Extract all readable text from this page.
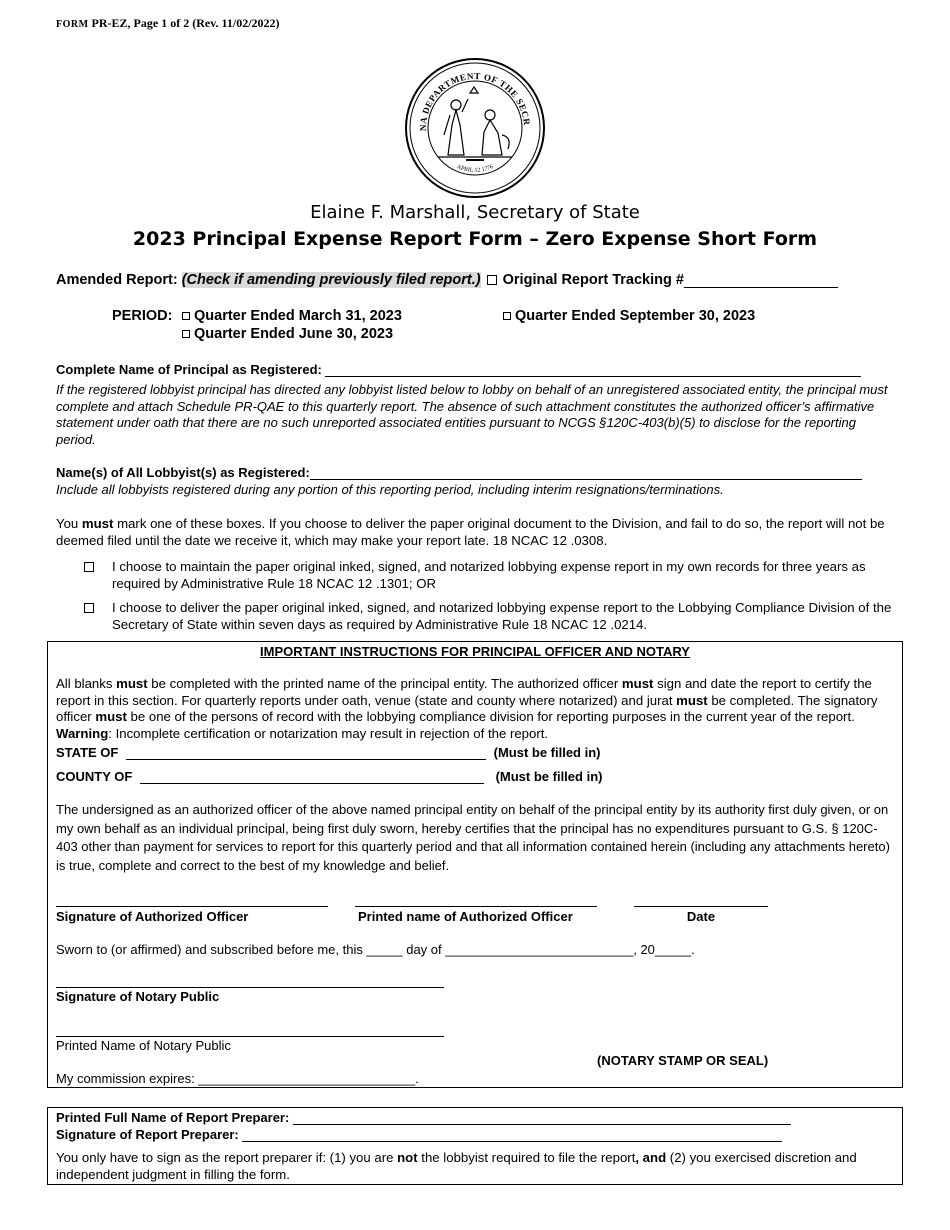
FORM PR-EZ, Page 1 of 2 (Rev. 11/02/2022)
NA DEPARTMENT OF THE SECR
APRIL 12 1776
Elaine F. Marshall, Secretary of State
2023 Principal Expense Report Form – Zero Expense Short Form
Amended Report: (Check if amending previously filed report.) Original Report Tracking #
PERIOD:	Quarter Ended March 31, 2023
Quarter Ended June 30, 2023
Quarter Ended September 30, 2023
Complete Name of Principal as Registered:
If the registered lobbyist principal has directed any lobbyist listed below to lobby on behalf of an unregistered associated entity, the principal must complete and attach Schedule PR-QAE to this quarterly report. The absence of such attachment constitutes the authorized officer’s affirmative statement under oath that there are no such unreported associated entities pursuant to NCGS §120C-403(b)(5) to disclose for the reporting period.
Name(s) of All Lobbyist(s) as Registered:
Include all lobbyists registered during any portion of this reporting period, including interim resignations/terminations.
You must mark one of these boxes. If you choose to deliver the paper original document to the Division, and fail to do so, the report will not be deemed filed until the date we receive it, which may make your report late. 18 NCAC 12 .0308.
I choose to maintain the paper original inked, signed, and notarized lobbying expense report in my own records for three years as required by Administrative Rule 18 NCAC 12 .1301; OR
I choose to deliver the paper original inked, signed, and notarized lobbying expense report to the Lobbying Compliance Division of the Secretary of State within seven days as required by Administrative Rule 18 NCAC 12 .0214.
IMPORTANT INSTRUCTIONS FOR PRINCIPAL OFFICER AND NOTARY
All blanks must be completed with the printed name of the principal entity. The authorized officer must sign and date the report to certify the report in this section. For quarterly reports under oath, venue (state and county where notarized) and jurat must be completed. The signatory officer must be one of the persons of record with the lobbying compliance division for reporting purposes in the current year of the report. Warning: Incomplete certification or notarization may result in rejection of the report.
STATE OF	(Must be filled in)
COUNTY OF	(Must be filled in)
The undersigned as an authorized officer of the above named principal entity on behalf of the principal entity by its authority first duly given, or on my own behalf as an individual principal, being first duly sworn, hereby certifies that the principal has no expenditures pursuant to G.S. § 120C-403 other than payment for services to report for this quarterly period and that all information contained herein (including any attachments hereto) is true, complete and correct to the best of my knowledge and belief.
Signature of Authorized Officer	Printed name of Authorized Officer	Date
Sworn to (or affirmed) and subscribed before me, this _____ day of __________________________, 20_____.
Signature of Notary Public
Printed Name of Notary Public
(NOTARY STAMP OR SEAL)
My commission expires: ______________________________.
Printed Full Name of Report Preparer:
Signature of Report Preparer:
You only have to sign as the report preparer if: (1) you are not the lobbyist required to file the report, and (2) you exercised discretion and independent judgment in filling the form.
